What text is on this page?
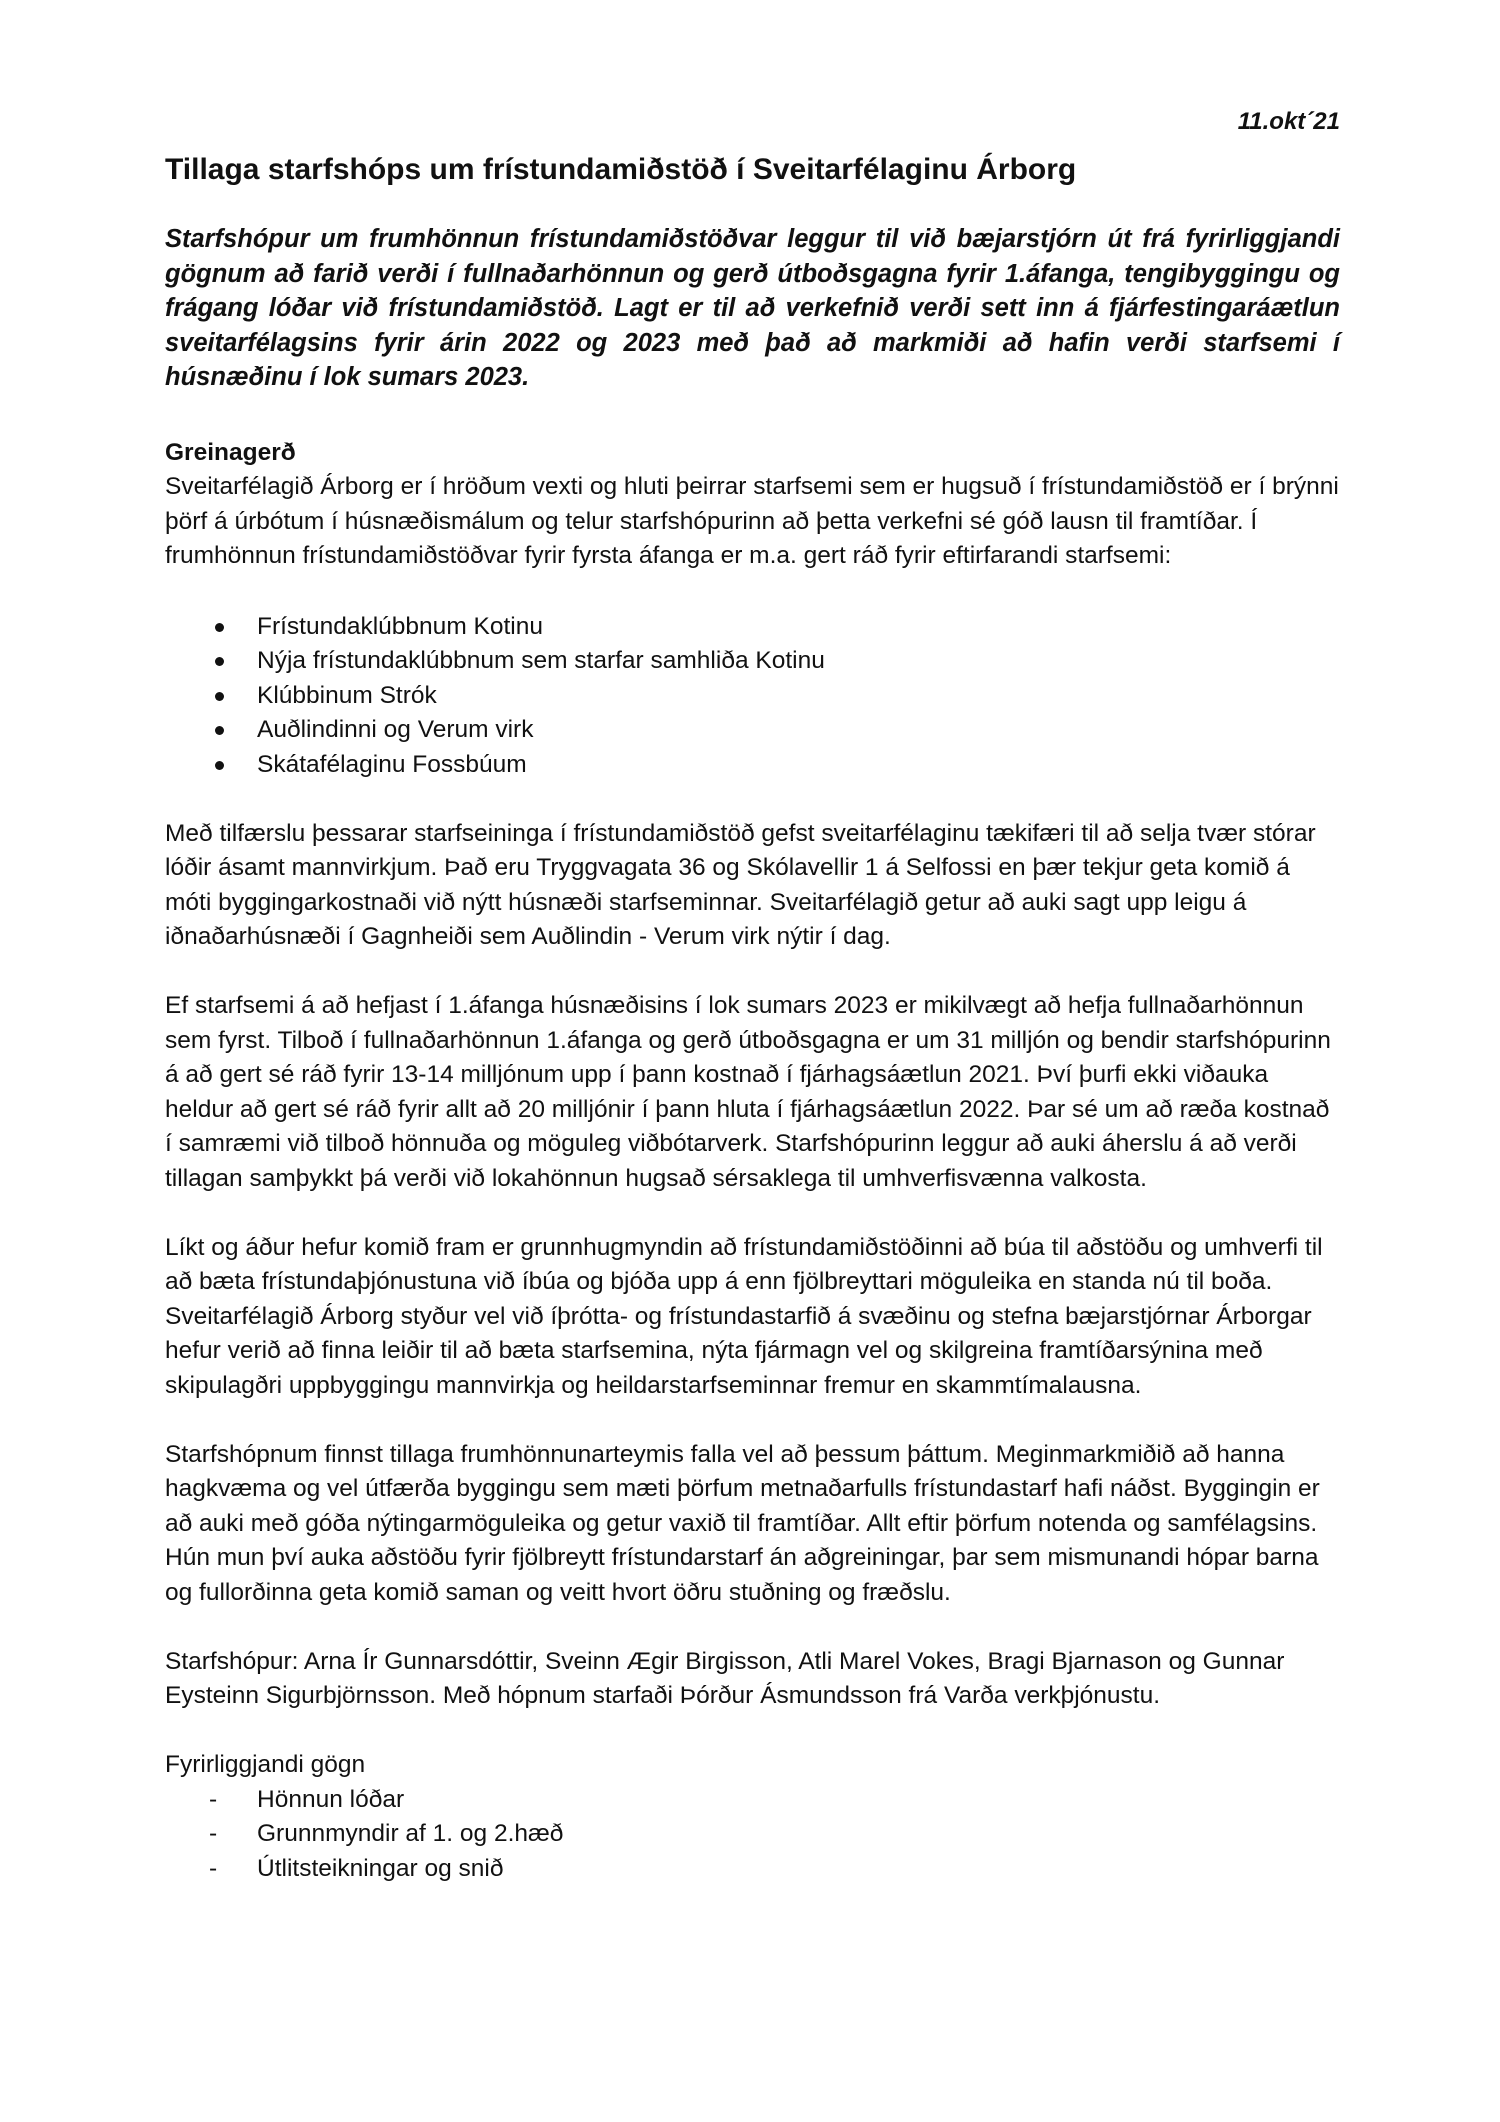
11.okt´21
Tillaga starfshóps um frístundamiðstöð í Sveitarfélaginu Árborg

Starfshópur um frumhönnun frístundamiðstöðvar leggur til við bæjarstjórn út frá fyrirliggjandi gögnum að farið verði í fullnaðarhönnun og gerð útboðsgagna fyrir 1.áfanga, tengibyggingu og frágang lóðar við frístundamiðstöð. Lagt er til að verkefnið verði sett inn á fjárfestingaráætlun sveitarfélagsins fyrir árin 2022 og 2023 með það að markmiði að hafin verði starfsemi í húsnæðinu í lok sumars 2023.

Greinagerð

Sveitarfélagið Árborg er í hröðum vexti og hluti þeirrar starfsemi sem er hugsuð í frístundamiðstöð er í brýnni þörf á úrbótum í húsnæðismálum og telur starfshópurinn að þetta verkefni sé góð lausn til framtíðar. Í frumhönnun frístundamiðstöðvar fyrir fyrsta áfanga er m.a. gert ráð fyrir eftirfarandi starfsemi:

Frístundaklúbbnum Kotinu
Nýja frístundaklúbbnum sem starfar samhliða Kotinu
Klúbbinum Strók
Auðlindinni og Verum virk
Skátafélaginu Fossbúum

Með tilfærslu þessarar starfseininga í frístundamiðstöð gefst sveitarfélaginu tækifæri til að selja tvær stórar lóðir ásamt mannvirkjum. Það eru Tryggvagata 36 og Skólavellir 1 á Selfossi en þær tekjur geta komið á móti byggingarkostnaði við nýtt húsnæði starfseminnar. Sveitarfélagið getur að auki sagt upp leigu á iðnaðarhúsnæði í Gagnheiði sem Auðlindin - Verum virk nýtir í dag.

Ef starfsemi á að hefjast í 1.áfanga húsnæðisins í lok sumars 2023 er mikilvægt að hefja fullnaðarhönnun sem fyrst. Tilboð í fullnaðarhönnun 1.áfanga og gerð útboðsgagna er um 31 milljón og bendir starfshópurinn á að gert sé ráð fyrir 13-14 milljónum upp í þann kostnað í fjárhagsáætlun 2021. Því þurfi ekki viðauka heldur að gert sé ráð fyrir allt að 20 milljónir í þann hluta í fjárhagsáætlun 2022. Þar sé um að ræða kostnað í samræmi við tilboð hönnuða og möguleg viðbótarverk. Starfshópurinn leggur að auki áherslu á að verði tillagan samþykkt þá verði við lokahönnun hugsað sérsaklega til umhverfisvænna valkosta.

Líkt og áður hefur komið fram er grunnhugmyndin að frístundamiðstöðinni að búa til aðstöðu og umhverfi til að bæta frístundaþjónustuna við íbúa og bjóða upp á enn fjölbreyttari möguleika en standa nú til boða. Sveitarfélagið Árborg styður vel við íþrótta- og frístundastarfið á svæðinu og stefna bæjarstjórnar Árborgar hefur verið að finna leiðir til að bæta starfsemina, nýta fjármagn vel og skilgreina framtíðarsýnina með skipulagðri uppbyggingu mannvirkja og heildarstarfseminnar fremur en skammtímalausna.

Starfshópnum finnst tillaga frumhönnunarteymis falla vel að þessum þáttum. Meginmarkmiðið að hanna hagkvæma og vel útfærða byggingu sem mæti þörfum metnaðarfulls frístundastarf hafi náðst. Byggingin er að auki með góða nýtingarmöguleika og getur vaxið til framtíðar. Allt eftir þörfum notenda og samfélagsins. Hún mun því auka aðstöðu fyrir fjölbreytt frístundarstarf án aðgreiningar, þar sem mismunandi hópar barna og fullorðinna geta komið saman og veitt hvort öðru stuðning og fræðslu.

Starfshópur: Arna Ír Gunnarsdóttir, Sveinn Ægir Birgisson, Atli Marel Vokes, Bragi Bjarnason og Gunnar Eysteinn Sigurbjörnsson. Með hópnum starfaði Þórður Ásmundsson frá Varða verkþjónustu.

Fyrirliggjandi gögn

- Hönnun lóðar
- Grunnmyndir af 1. og 2.hæð
- Útlitsteikningar og snið
